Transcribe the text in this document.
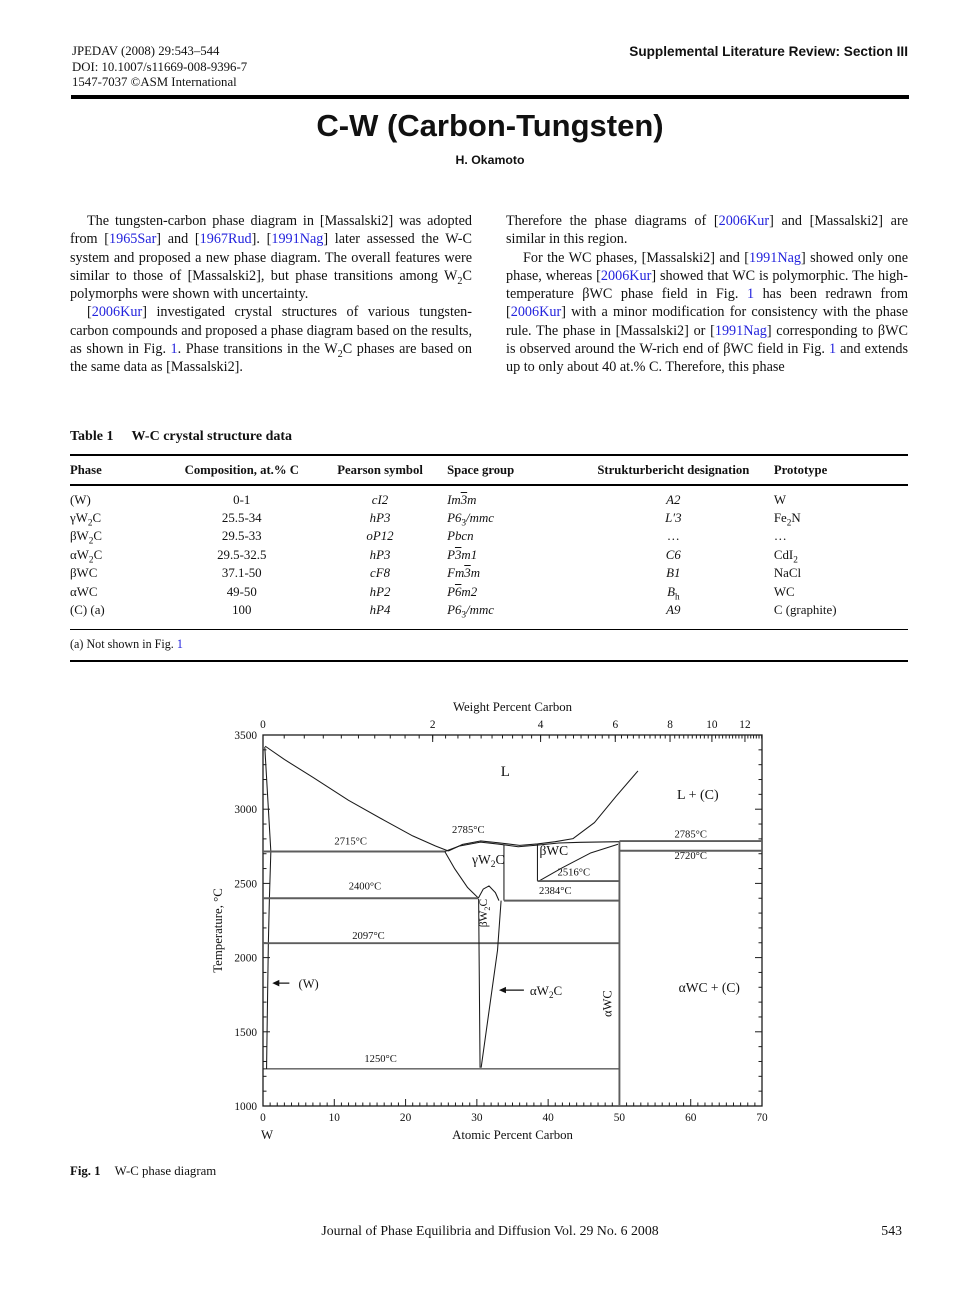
JPEDAV (2008) 29:543–544
DOI: 10.1007/s11669-008-9396-7
1547-7037 ©ASM International
Supplemental Literature Review: Section III
C-W (Carbon-Tungsten)
H. Okamoto

The tungsten-carbon phase diagram in [Massalski2] was adopted from [1965Sar] and [1967Rud]. [1991Nag] later assessed the W-C system and proposed a new phase diagram. The overall features were similar to those of [Massalski2], but phase transitions among $W_2C$ polymorphs were shown with uncertainty.

[2006Kur] investigated crystal structures of various tungsten-carbon compounds and proposed a phase diagram based on the results, as shown in Fig. 1. Phase transitions in the $W_2C$ phases are based on the same data as [Massalski2].

Therefore the phase diagrams of [2006Kur] and [Massalski2] are similar in this region.

For the WC phases, [Massalski2] and [1991Nag] showed only one phase, whereas [2006Kur] showed that WC is polymorphic. The high-temperature βWC phase field in Fig. 1 has been redrawn from [2006Kur] with a minor modification for consistency with the phase rule. The phase in [Massalski2] or [1991Nag] corresponding to βWC is observed around the W-rich end of βWC field in Fig. 1 and extends up to only about 40 at.% C. Therefore, this phase

Table 1 W-C crystal structure data
Phase	Composition, at.% C	Pearson symbol	Space group	Strukturbericht designation	Prototype
(W)	0-1	cI2	Im3m	A2	W
$\gamma W_2C$	25.5-34	hP3	$P6_3$/mmc	L′3	$Fe_2N$
$\beta W_2C$	29.5-33	oP12	Pbcn	…	…
$\alpha W_2C$	29.5-32.5	hP3	P3m1	C6	CdI$_2$
βWC	37.1-50	cF8	Fm3m	B1	NaCl
αWC	49-50	hP2	P6m2	$B_h$	WC
(C) (a)	100	hP4	$P6_3$/mmc	A9	C (graphite)
(a) Not shown in Fig. 1
0	10	20	30	40	50	60	70
Atomic Percent Carbon
W
0	2	4	6	8	10 12
Weight Percent Carbon
1000
1500
2000
2500
3000
3500
Temperature, °C
2715°C
2785°C	2785°C
2720°C
2516°C
2384°C
2400°C
2097°C
1250°C
L
L + (C)
$\gamma W_2C$
βWC
$\beta W_2C$
(W)	$\alpha W_2C$	αWC
αWC + (C)
Fig. 1 W-C phase diagram
Journal of Phase Equilibria and Diffusion Vol. 29 No. 6 2008	543
